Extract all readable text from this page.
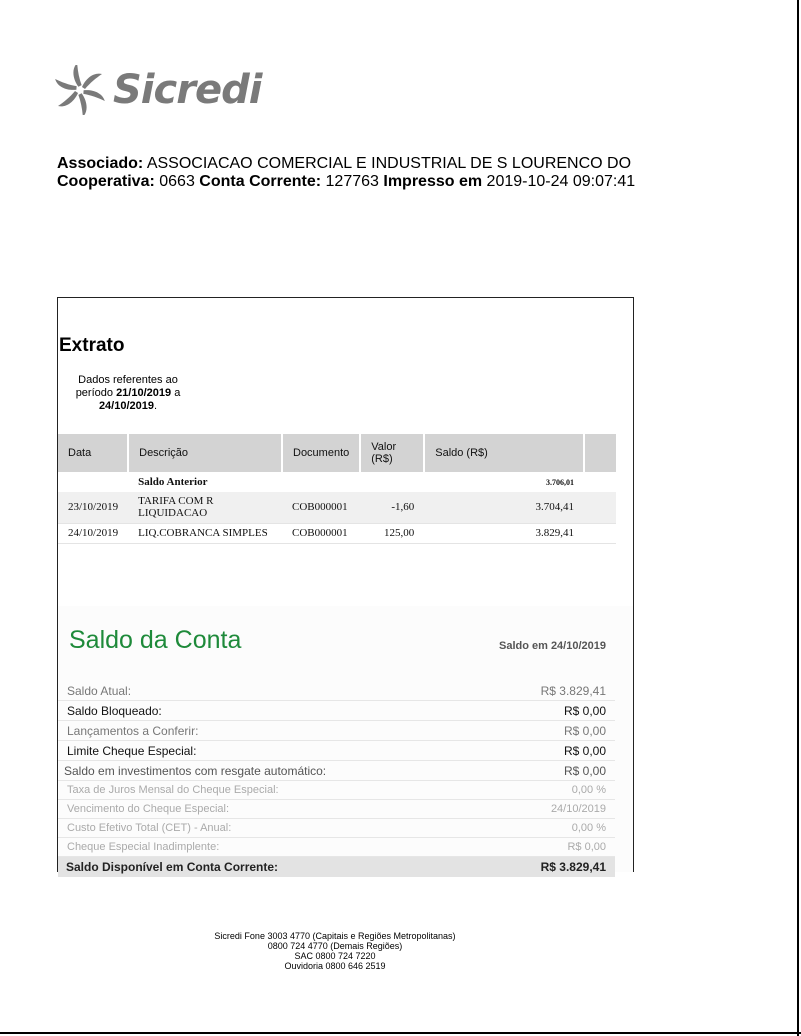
Sicredi
Associado: ASSOCIACAO COMERCIAL E INDUSTRIAL DE S LOURENCO DO
Cooperativa: 0663 Conta Corrente: 127763 Impresso em 2019-10-24 09:07:41
Extrato
Dados referentes ao período 21/10/2019 a 24/10/2019.
Data	Descrição	Documento	Valor (R$)	Saldo (R$)	
	Saldo Anterior			3.706,01	
23/10/2019	TARIFA COM R LIQUIDACAO	COB000001	-1,60	3.704,41	
24/10/2019	LIQ.COBRANCA SIMPLES	COB000001	125,00	3.829,41	
Saldo da Conta	Saldo em 24/10/2019
Saldo Atual:	R$ 3.829,41
Saldo Bloqueado:	R$ 0,00
Lançamentos a Conferir:	R$ 0,00
Limite Cheque Especial:	R$ 0,00
Saldo em investimentos com resgate automático:	R$ 0,00
Taxa de Juros Mensal do Cheque Especial:	0,00 %
Vencimento do Cheque Especial:	24/10/2019
Custo Efetivo Total (CET) - Anual:	0,00 %
Cheque Especial Inadimplente:	R$ 0,00
Saldo Disponível em Conta Corrente:	R$ 3.829,41
Sicredi Fone 3003 4770 (Capitais e Regiões Metropolitanas)
0800 724 4770 (Demais Regiões)
SAC 0800 724 7220
Ouvidoria 0800 646 2519
